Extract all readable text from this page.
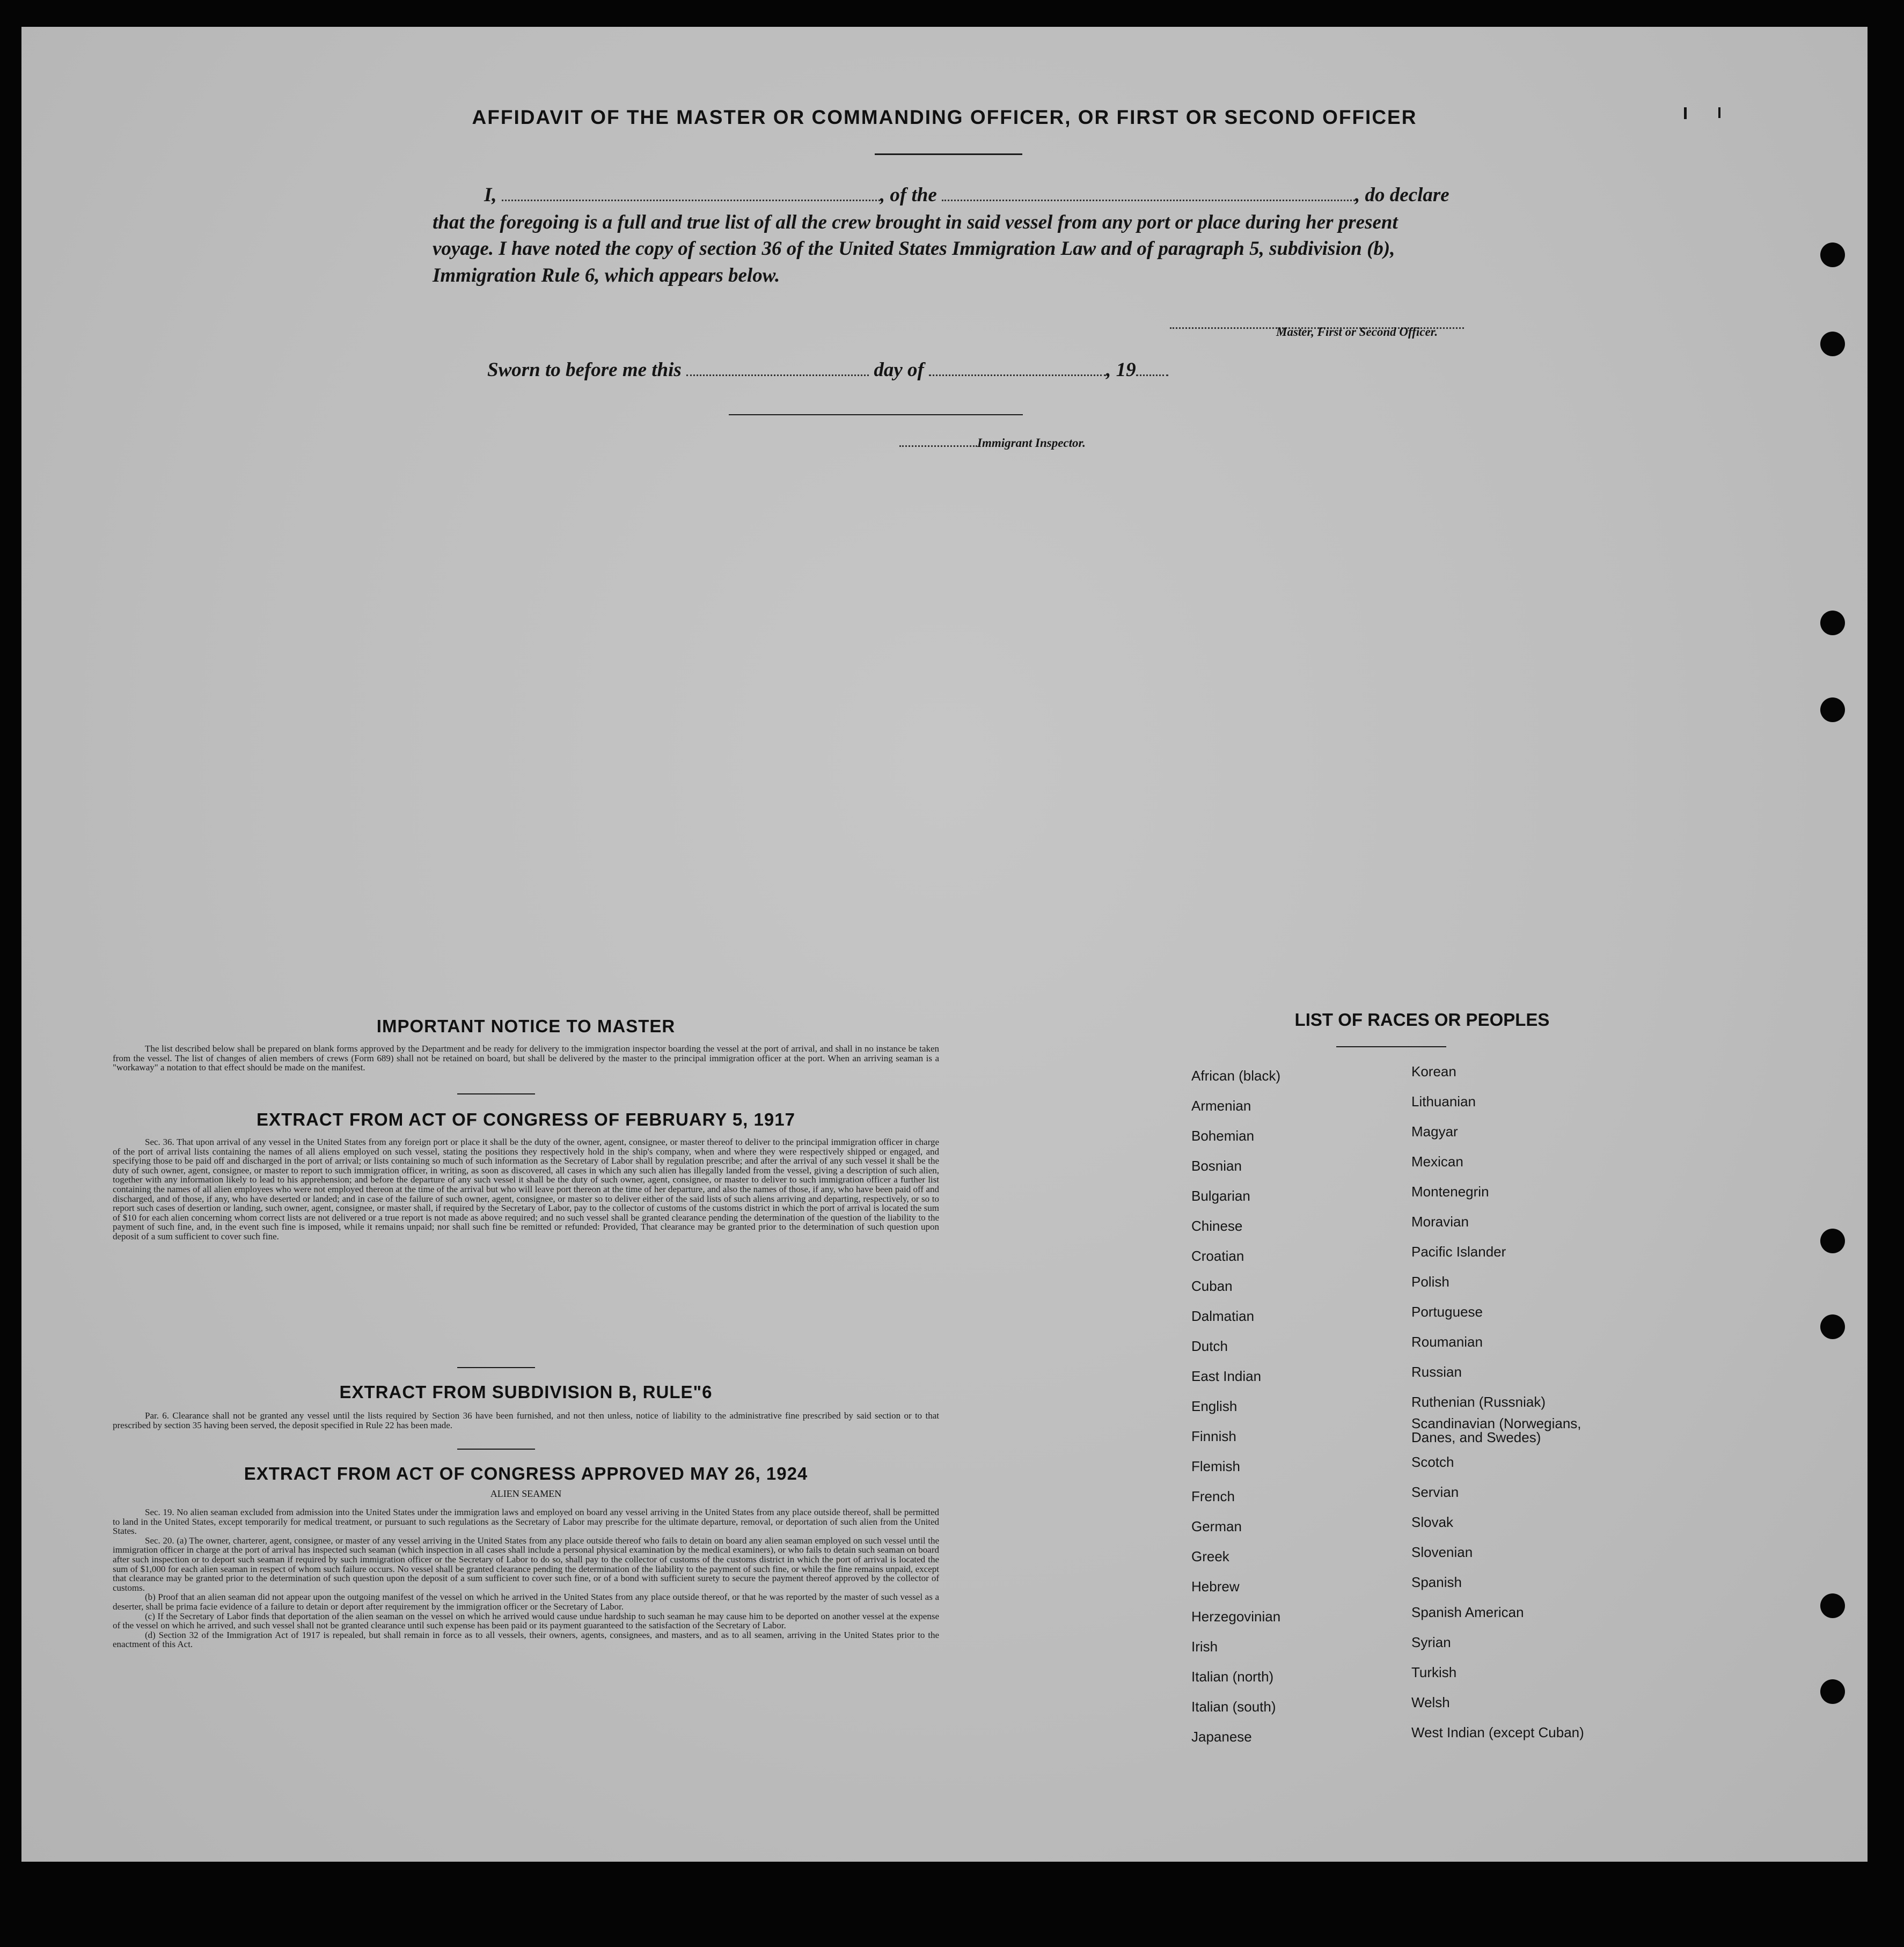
AFFIDAVIT OF THE MASTER OR COMMANDING OFFICER, OR FIRST OR SECOND OFFICER
I,	, of the	, do declare
that the foregoing is a full and true list of all the crew brought in said vessel from any port or place during her present
voyage. I have noted the copy of section 36 of the United States Immigration Law and of paragraph 5, subdivision (b),
Immigration Rule 6, which appears below.
Master, First or Second Officer.
Sworn to before me this	day of	, 19
Immigrant Inspector.
IMPORTANT NOTICE TO MASTER

The list described below shall be prepared on blank forms approved by the Department and be ready for delivery to the immigration inspector boarding the vessel at the port of arrival, and shall in no instance be taken from the vessel. The list of changes of alien members of crews (Form 689) shall not be retained on board, but shall be delivered by the master to the principal immigration officer at the port. When an arriving seaman is a "workaway" a notation to that effect should be made on the manifest.

EXTRACT FROM ACT OF CONGRESS OF FEBRUARY 5, 1917

Sec. 36. That upon arrival of any vessel in the United States from any foreign port or place it shall be the duty of the owner, agent, consignee, or master thereof to deliver to the principal immigration officer in charge of the port of arrival lists containing the names of all aliens employed on such vessel, stating the positions they respectively hold in the ship's company, when and where they were respectively shipped or engaged, and specifying those to be paid off and discharged in the port of arrival; or lists containing so much of such information as the Secretary of Labor shall by regulation prescribe; and after the arrival of any such vessel it shall be the duty of such owner, agent, consignee, or master to report to such immigration officer, in writing, as soon as discovered, all cases in which any such alien has illegally landed from the vessel, giving a description of such alien, together with any information likely to lead to his apprehension; and before the departure of any such vessel it shall be the duty of such owner, agent, consignee, or master to deliver to such immigration officer a further list containing the names of all alien employees who were not employed thereon at the time of the arrival but who will leave port thereon at the time of her departure, and also the names of those, if any, who have been paid off and discharged, and of those, if any, who have deserted or landed; and in case of the failure of such owner, agent, consignee, or master so to deliver either of the said lists of such aliens arriving and departing, respectively, or so to report such cases of desertion or landing, such owner, agent, consignee, or master shall, if required by the Secretary of Labor, pay to the collector of customs of the customs district in which the port of arrival is located the sum of $10 for each alien concerning whom correct lists are not delivered or a true report is not made as above required; and no such vessel shall be granted clearance pending the determination of the question of the liability to the payment of such fine, and, in the event such fine is imposed, while it remains unpaid; nor shall such fine be remitted or refunded: Provided, That clearance may be granted prior to the determination of such question upon deposit of a sum sufficient to cover such fine.

EXTRACT FROM SUBDIVISION B, RULE"6

Par. 6. Clearance shall not be granted any vessel until the lists required by Section 36 have been furnished, and not then unless, notice of liability to the administrative fine prescribed by said section or to that prescribed by section 35 having been served, the deposit specified in Rule 22 has been made.

EXTRACT FROM ACT OF CONGRESS APPROVED MAY 26, 1924
ALIEN SEAMEN

Sec. 19. No alien seaman excluded from admission into the United States under the immigration laws and employed on board any vessel arriving in the United States from any place outside thereof, shall be permitted to land in the United States, except temporarily for medical treatment, or pursuant to such regulations as the Secretary of Labor may prescribe for the ultimate departure, removal, or deportation of such alien from the United States.

Sec. 20. (a) The owner, charterer, agent, consignee, or master of any vessel arriving in the United States from any place outside thereof who fails to detain on board any alien seaman employed on such vessel until the immigration officer in charge at the port of arrival has inspected such seaman (which inspection in all cases shall include a personal physical examination by the medical examiners), or who fails to detain such seaman on board after such inspection or to deport such seaman if required by such immigration officer or the Secretary of Labor to do so, shall pay to the collector of customs of the customs district in which the port of arrival is located the sum of $1,000 for each alien seaman in respect of whom such failure occurs. No vessel shall be granted clearance pending the determination of the liability to the payment of such fine, or while the fine remains unpaid, except that clearance may be granted prior to the determination of such question upon the deposit of a sum sufficient to cover such fine, or of a bond with sufficient surety to secure the payment thereof approved by the collector of customs.

(b) Proof that an alien seaman did not appear upon the outgoing manifest of the vessel on which he arrived in the United States from any place outside thereof, or that he was reported by the master of such vessel as a deserter, shall be prima facie evidence of a failure to detain or deport after requirement by the immigration officer or the Secretary of Labor.

(c) If the Secretary of Labor finds that deportation of the alien seaman on the vessel on which he arrived would cause undue hardship to such seaman he may cause him to be deported on another vessel at the expense of the vessel on which he arrived, and such vessel shall not be granted clearance until such expense has been paid or its payment guaranteed to the satisfaction of the Secretary of Labor.

(d) Section 32 of the Immigration Act of 1917 is repealed, but shall remain in force as to all vessels, their owners, agents, consignees, and masters, and as to all seamen, arriving in the United States prior to the enactment of this Act.

LIST OF RACES OR PEOPLES
African (black)
Armenian
Bohemian
Bosnian
Bulgarian
Chinese
Croatian
Cuban
Dalmatian
Dutch
East Indian
English
Finnish
Flemish
French
German
Greek
Hebrew
Herzegovinian
Irish
Italian (north)
Italian (south)
Japanese
Korean
Lithuanian
Magyar
Mexican
Montenegrin
Moravian
Pacific Islander
Polish
Portuguese
Roumanian
Russian
Ruthenian (Russniak)
Scandinavian (Norwegians, Danes, and Swedes)
Scotch
Servian
Slovak
Slovenian
Spanish
Spanish American
Syrian
Turkish
Welsh
West Indian (except Cuban)
